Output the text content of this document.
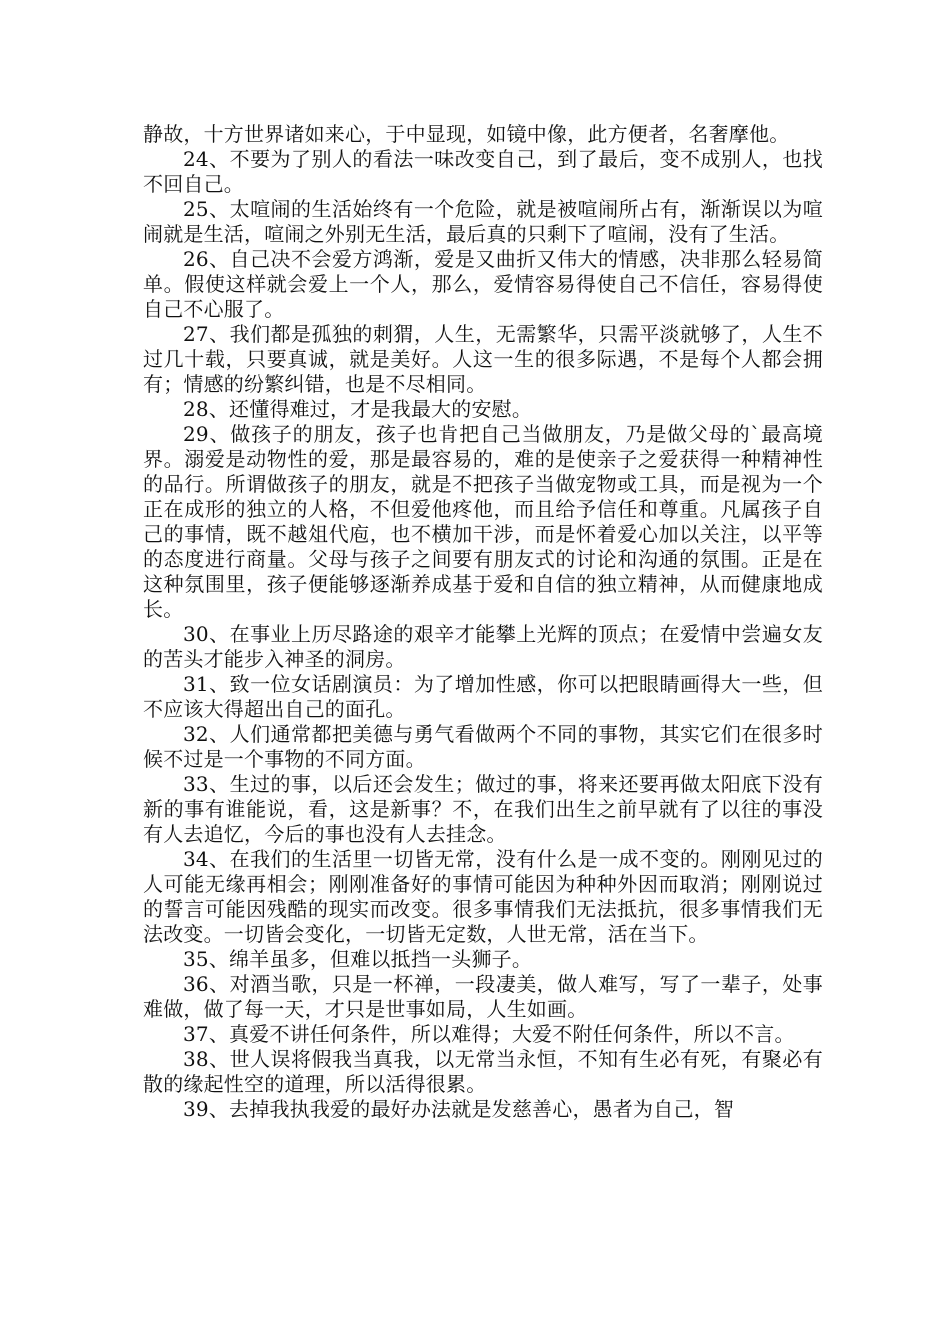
静故，十方世界诸如来心，于中显现，如镜中像，此方便者，名奢摩他。

24、不要为了别人的看法一味改变自己，到了最后，变不成别人，也找不回自己。

25、太喧闹的生活始终有一个危险，就是被喧闹所占有，渐渐误以为喧闹就是生活，喧闹之外别无生活，最后真的只剩下了喧闹，没有了生活。

26、自己决不会爱方鸿渐，爱是又曲折又伟大的情感，决非那么轻易简单。假使这样就会爱上一个人，那么，爱情容易得使自己不信任，容易得使自己不心服了。

27、我们都是孤独的刺猬，人生，无需繁华，只需平淡就够了，人生不过几十载，只要真诚，就是美好。人这一生的很多际遇，不是每个人都会拥有；情感的纷繁纠错，也是不尽相同。

28、还懂得难过，才是我最大的安慰。

29、做孩子的朋友，孩子也肯把自己当做朋友，乃是做父母的`最高境界。溺爱是动物性的爱，那是最容易的，难的是使亲子之爱获得一种精神性的品行。所谓做孩子的朋友，就是不把孩子当做宠物或工具，而是视为一个正在成形的独立的人格，不但爱他疼他，而且给予信任和尊重。凡属孩子自己的事情，既不越俎代庖，也不横加干涉，而是怀着爱心加以关注，以平等的态度进行商量。父母与孩子之间要有朋友式的讨论和沟通的氛围。正是在这种氛围里，孩子便能够逐渐养成基于爱和自信的独立精神，从而健康地成长。

30、在事业上历尽路途的艰辛才能攀上光辉的顶点；在爱情中尝遍女友的苦头才能步入神圣的洞房。

31、致一位女话剧演员：为了增加性感，你可以把眼睛画得大一些，但不应该大得超出自己的面孔。

32、人们通常都把美德与勇气看做两个不同的事物，其实它们在很多时候不过是一个事物的不同方面。

33、生过的事，以后还会发生；做过的事，将来还要再做太阳底下没有新的事有谁能说，看，这是新事？不，在我们出生之前早就有了以往的事没有人去追忆，今后的事也没有人去挂念。

34、在我们的生活里一切皆无常，没有什么是一成不变的。刚刚见过的人可能无缘再相会；刚刚准备好的事情可能因为种种外因而取消；刚刚说过的誓言可能因残酷的现实而改变。很多事情我们无法抵抗，很多事情我们无法改变。一切皆会变化，一切皆无定数，人世无常，活在当下。

35、绵羊虽多，但难以抵挡一头狮子。

36、对酒当歌，只是一杯禅，一段凄美，做人难写，写了一辈子，处事难做，做了每一天，才只是世事如局，人生如画。

37、真爱不讲任何条件，所以难得；大爱不附任何条件，所以不言。

38、世人误将假我当真我，以无常当永恒，不知有生必有死，有聚必有散的缘起性空的道理，所以活得很累。

39、去掉我执我爱的最好办法就是发慈善心，愚者为自己，智
